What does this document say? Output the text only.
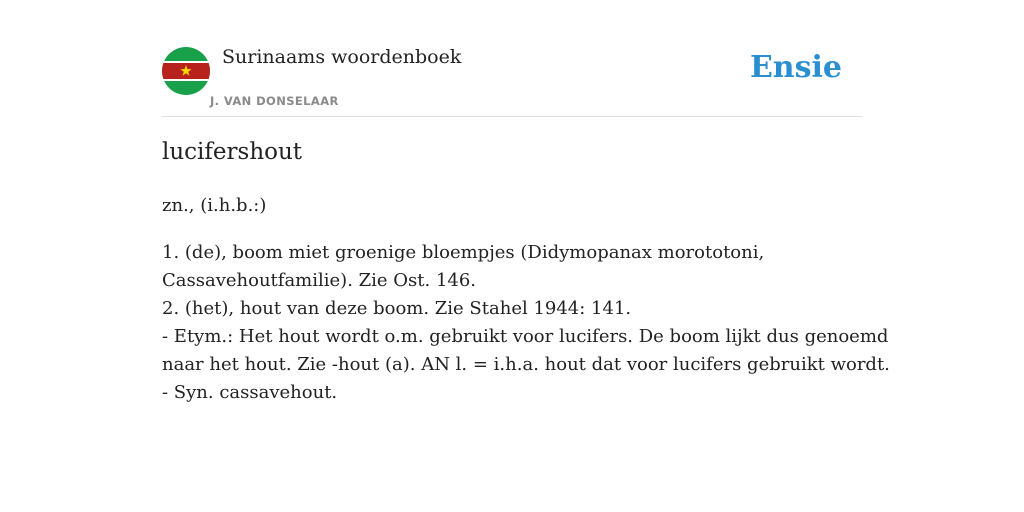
Surinaams woordenboek
J. VAN DONSELAAR
Ensie
lucifershout
zn., (i.h.b.:)
1. (de), boom miet groenige bloempjes (Didymopanax morototoni,
Cassavehoutfamilie). Zie Ost. 146.
2. (het), hout van deze boom. Zie Stahel 1944: 141.
- Etym.: Het hout wordt o.m. gebruikt voor lucifers. De boom lijkt dus genoemd
naar het hout. Zie -hout (a). AN l. = i.h.a. hout dat voor lucifers gebruikt wordt.
- Syn. cassavehout.
